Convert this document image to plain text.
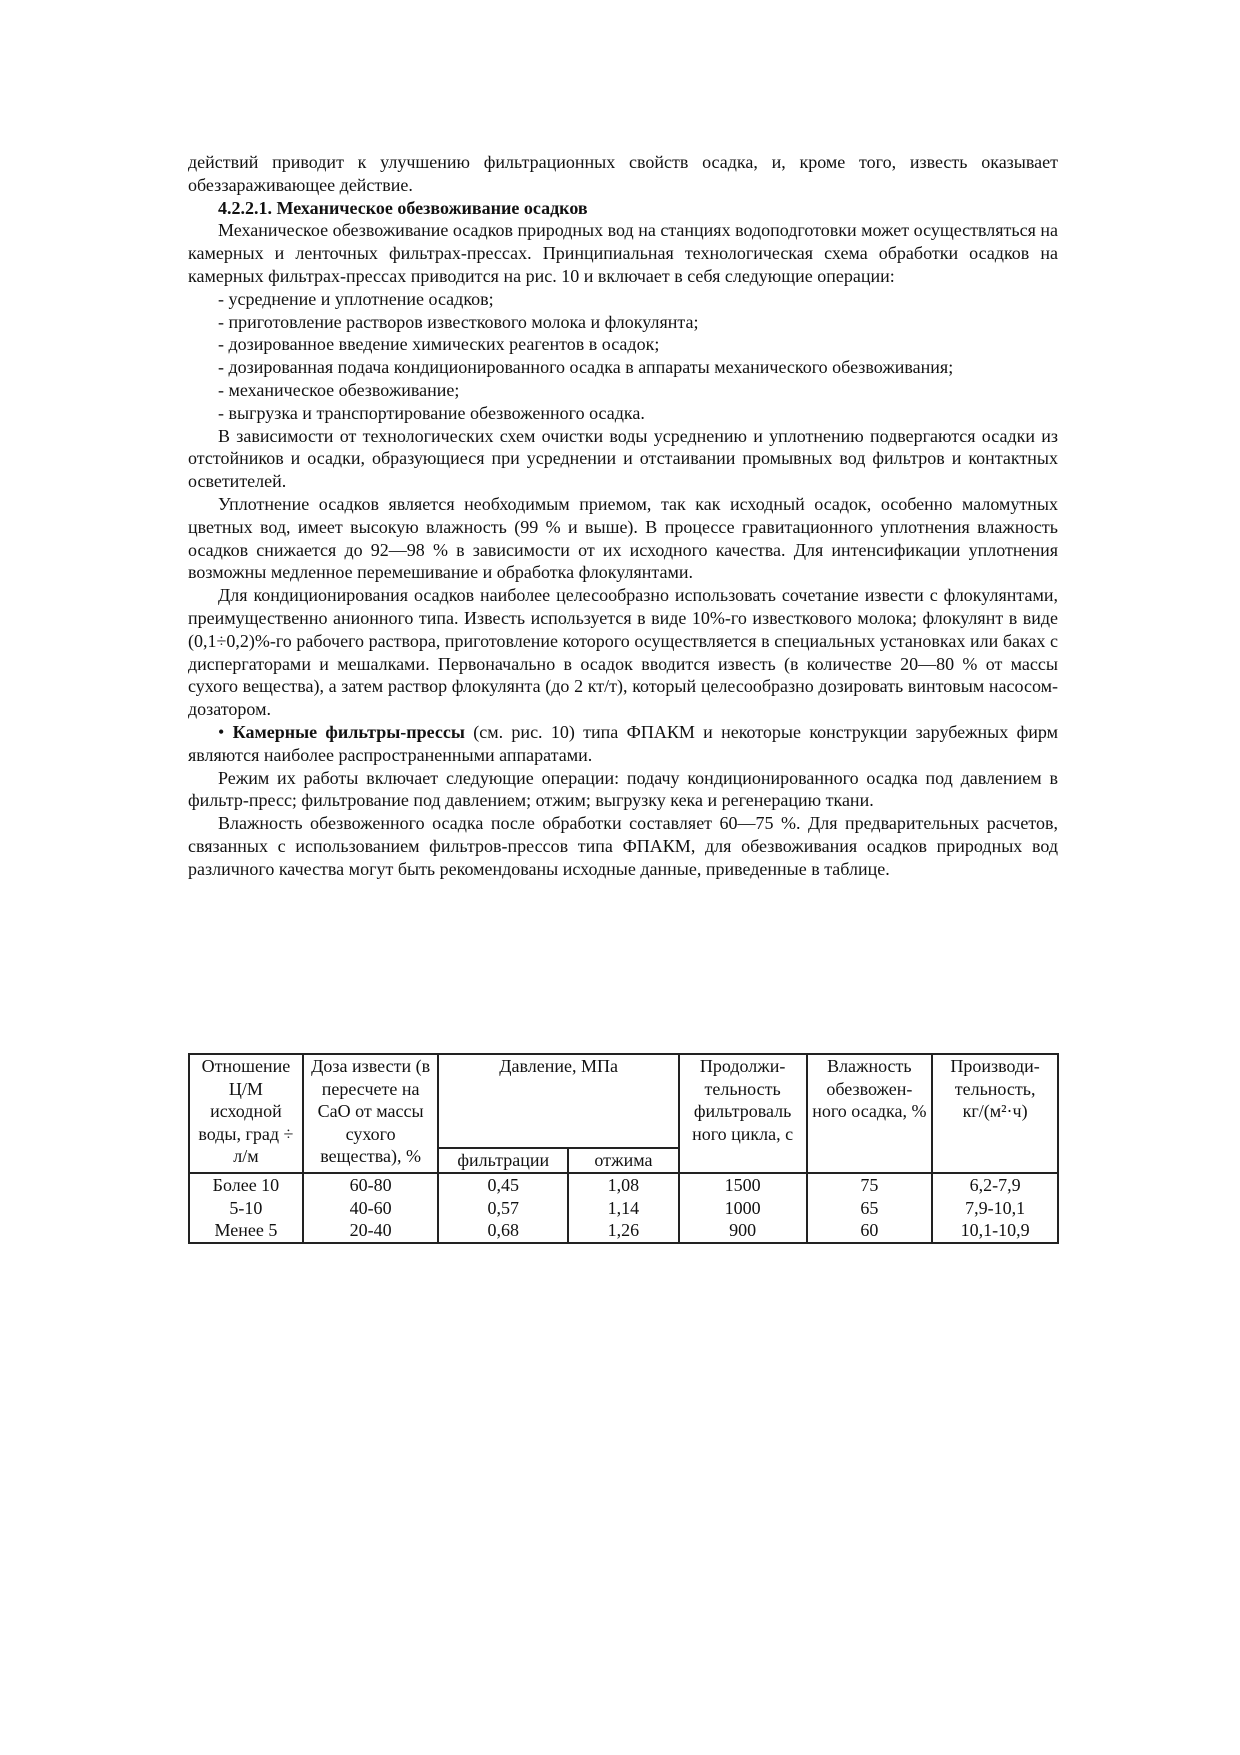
действий приводит к улучшению фильтрационных свойств осадка, и, кроме того, известь оказывает обеззараживающее действие.

4.2.2.1. Механическое обезвоживание осадков

Механическое обезвоживание осадков природных вод на станциях водоподготовки может осуществляться на камерных и ленточных фильтрах-прессах. Принципиальная технологическая схема обработки осадков на камерных фильтрах-прессах приводится на рис. 10 и включает в себя следующие операции:

- усреднение и уплотнение осадков;

- приготовление растворов известкового молока и флокулянта;

- дозированное введение химических реагентов в осадок;

- дозированная подача кондиционированного осадка в аппараты механического обезвоживания;

- механическое обезвоживание;

- выгрузка и транспортирование обезвоженного осадка.

В зависимости от технологических схем очистки воды усреднению и уплотнению подвергаются осадки из отстойников и осадки, образующиеся при усреднении и отстаивании промывных вод фильтров и контактных осветителей.

Уплотнение осадков является необходимым приемом, так как исходный осадок, особенно маломутных цветных вод, имеет высокую влажность (99 % и выше). В процессе гравитационного уплотнения влажность осадков снижается до 92—98 % в зависимости от их исходного качества. Для интенсификации уплотнения возможны медленное перемешивание и обработка флокулянтами.

Для кондиционирования осадков наиболее целесообразно использовать сочетание извести с флокулянтами, преимущественно анионного типа. Известь используется в виде 10%-го известкового молока; флокулянт в виде (0,1÷0,2)%-го рабочего раствора, приготовление которого осуществляется в специальных установках или баках с диспергаторами и мешалками. Первоначально в осадок вводится известь (в количестве 20—80 % от массы сухого вещества), а затем раствор флокулянта (до 2 кт/т), который целесообразно дозировать винтовым насосом-дозатором.

• Камерные фильтры-прессы (см. рис. 10) типа ФПАКМ и некоторые конструкции зарубежных фирм являются наиболее распространенными аппаратами.

Режим их работы включает следующие операции: подачу кондиционированного осадка под давлением в фильтр-пресс; фильтрование под давлением; отжим; выгрузку кека и регенерацию ткани.

Влажность обезвоженного осадка после обработки составляет 60—75 %. Для предварительных расчетов, связанных с использованием фильтров-прессов типа ФПАКМ, для обезвоживания осадков природных вод различного качества могут быть рекомендованы исходные данные, приведенные в таблице.

Отношение Ц/М исходной воды, град ÷ л/м	Доза извести (в пересчете на CaO от массы сухого вещества), %	Давление, МПа		Продолжи-тельность фильтроваль ного цикла, с	Влажность обезвожен-ного осадка, %	Производи-тельность, кг/(м²·ч)
		фильтрации	отжима			
Более 10	60-80	0,45	1,08	1500	75	6,2-7,9
5-10	40-60	0,57	1,14	1000	65	7,9-10,1
Менее 5	20-40	0,68	1,26	900	60	10,1-10,9
